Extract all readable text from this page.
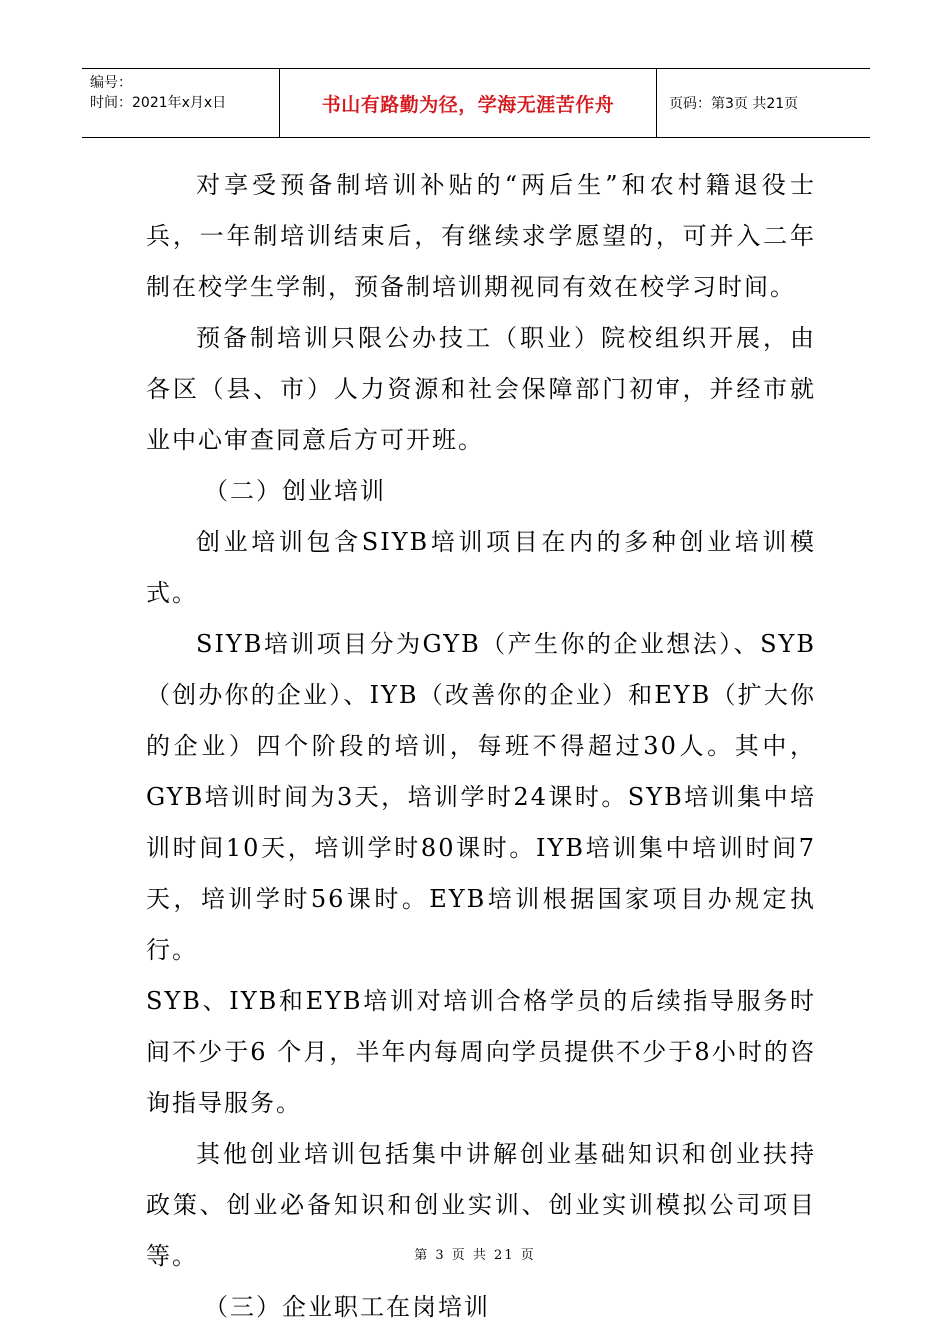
编号：
时间：2021年x月x日	书山有路勤为径，学海无涯苦作舟	页码：第3页 共21页

对享受预备制培训补贴的“两后生”和农村籍退役士兵，一年制培训结束后，有继续求学愿望的，可并入二年制在校学生学制，预备制培训期视同有效在校学习时间。

预备制培训只限公办技工（职业）院校组织开展，由各区（县、市）人力资源和社会保障部门初审，并经市就业中心审查同意后方可开班。

（二）创业培训

创业培训包含SIYB培训项目在内的多种创业培训模式。

SIYB培训项目分为GYB（产生你的企业想法）、SYB（创办你的企业）、IYB（改善你的企业）和EYB（扩大你的企业）四个阶段的培训，每班不得超过30人。其中，GYB培训时间为3天，培训学时24课时。SYB培训集中培训时间10天，培训学时80课时。IYB培训集中培训时间7天，培训学时56课时。EYB培训根据国家项目办规定执行。

SYB、IYB和EYB培训对培训合格学员的后续指导服务时间不少于6 个月，半年内每周向学员提供不少于8小时的咨询指导服务。

其他创业培训包括集中讲解创业基础知识和创业扶持政策、创业必备知识和创业实训、创业实训模拟公司项目等。

（三）企业职工在岗培训

第 3 页 共 21 页
